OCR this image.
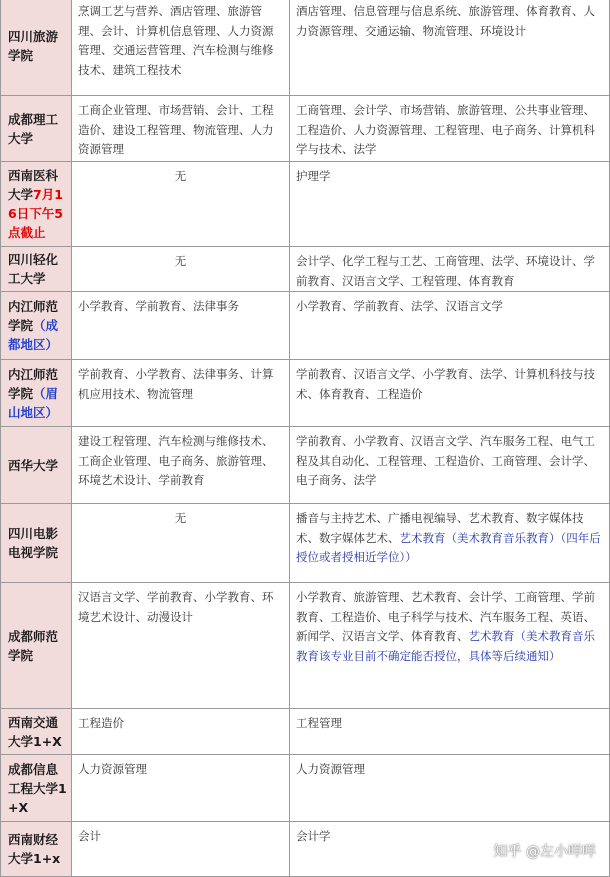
四川旅游学院	烹调工艺与营养、酒店管理、旅游管理、会计、计算机信息管理、人力资源管理、交通运营管理、汽车检测与维修技术、建筑工程技术	酒店管理、信息管理与信息系统、旅游管理、体育教育、人力资源管理、交通运输、物流管理、环境设计
成都理工大学	工商企业管理、市场营销、会计、工程造价、建设工程管理、物流管理、人力资源管理	工商管理、会计学、市场营销、旅游管理、公共事业管理、工程造价、人力资源管理、工程管理、电子商务、计算机科学与技术、法学
西南医科大学7月16日下午5点截止	无	护理学
四川轻化工大学	无	会计学、化学工程与工艺、工商管理、法学、环境设计、学前教育、汉语言文学、工程管理、体育教育
内江师范学院（成都地区）	小学教育、学前教育、法律事务	小学教育、学前教育、法学、汉语言文学
内江师范学院（眉山地区）	学前教育、小学教育、法律事务、计算机应用技术、物流管理	学前教育、汉语言文学、小学教育、法学、计算机科技与技术、体育教育、工程造价
西华大学	建设工程管理、汽车检测与维修技术、工商企业管理、电子商务、旅游管理、环境艺术设计、学前教育	学前教育、小学教育、汉语言文学、汽车服务工程、电气工程及其自动化、工程管理、工程造价、工商管理、会计学、电子商务、法学
四川电影电视学院	无	播音与主持艺术、广播电视编导、艺术教育、数字媒体技术、数字媒体艺术、艺术教育（美术教育音乐教育）（四年后授位或者授相近学位））
成都师范学院	汉语言文学、学前教育、小学教育、环境艺术设计、动漫设计	小学教育、旅游管理、艺术教育、会计学、工商管理、学前教育、工程造价、电子科学与技术、汽车服务工程、英语、新闻学、汉语言文学、体育教育、艺术教育（美术教育音乐教育该专业目前不确定能否授位，具体等后续通知）
西南交通大学1+X	工程造价	工程管理
成都信息工程大学1+X	人力资源管理	人力资源管理
西南财经大学1+x	会计	会计学
知乎 @左小咩咩
